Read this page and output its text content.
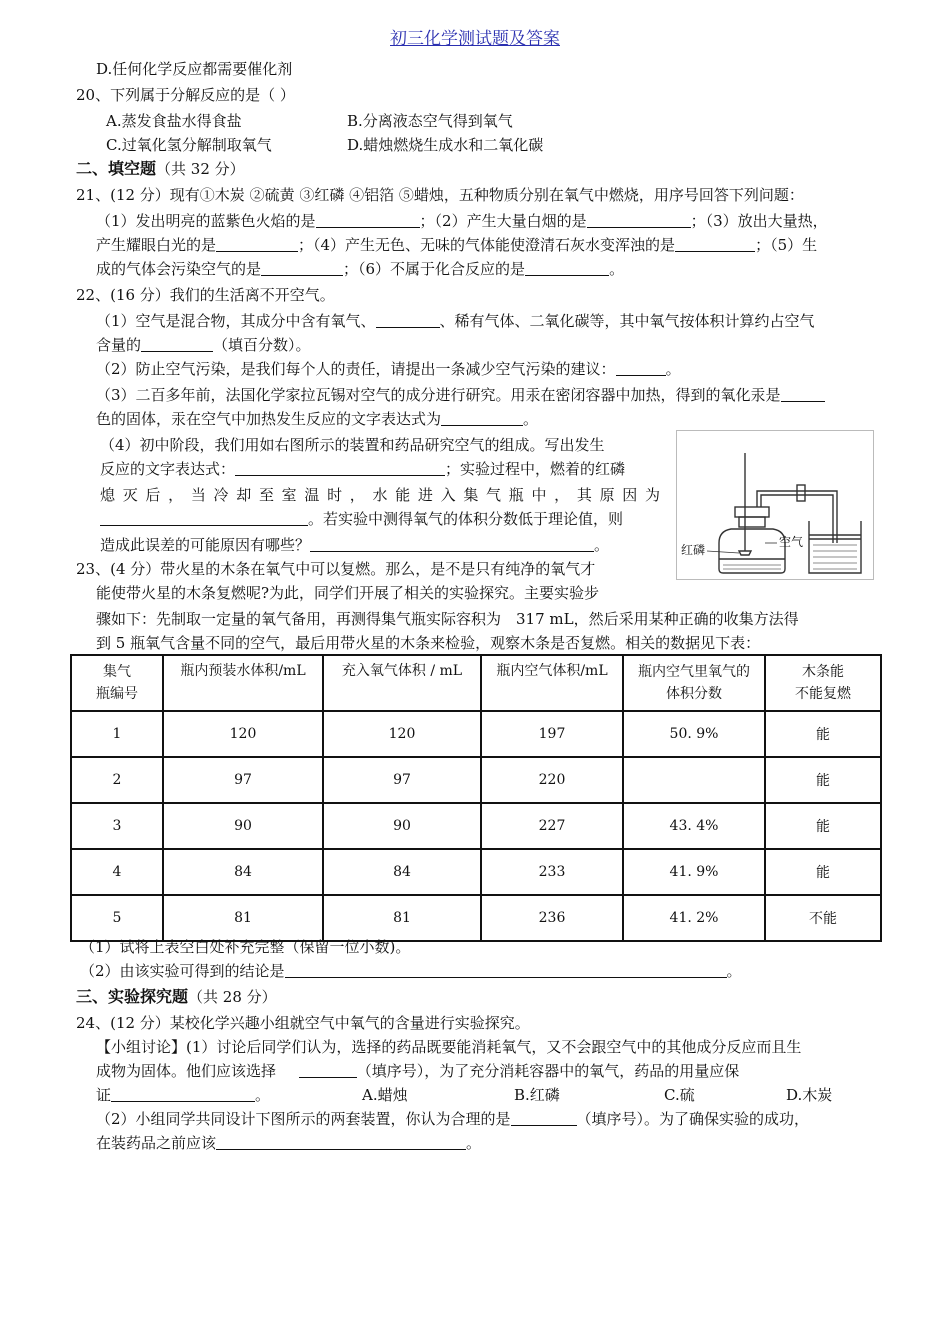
初三化学测试题及答案
D.任何化学反应都需要催化剂
20、下列属于分解反应的是（ ）
A.蒸发食盐水得食盐	B.分离液态空气得到氧气
C.过氧化氢分解制取氧气	D.蜡烛燃烧生成水和二氧化碳
二、填空题（共 32 分）
21、(12 分）现有①木炭 ②硫黄 ③红磷 ④铝箔 ⑤蜡烛，五种物质分别在氧气中燃烧，用序号回答下列问题：
（1）发出明亮的蓝紫色火焰的是	；（2）产生大量白烟的是	；（3）放出大量热，
产生耀眼白光的是	；（4）产生无色、无味的气体能使澄清石灰水变浑浊的是	；（5）生
成的气体会污染空气的是	；（6）不属于化合反应的是	。
22、(16 分）我们的生活离不开空气。
（1）空气是混合物，其成分中含有氧气、	、稀有气体、二氧化碳等，其中氧气按体积计算约占空气
含量的	（填百分数）。
（2）防止空气污染，是我们每个人的责任，请提出一条减少空气污染的建议：	。
（3）二百多年前，法国化学家拉瓦锡对空气的成分进行研究。用汞在密闭容器中加热，得到的氧化汞是
色的固体，汞在空气中加热发生反应的文字表达式为	。
（4）初中阶段，我们用如右图所示的装置和药品研究空气的组成。写出发生
反应的文字表达式：	；实验过程中，燃着的红磷
熄灭后，当冷却至室温时，水能进入集气瓶中，其原因为
。若实验中测得氧气的体积分数低于理论值，则
造成此误差的可能原因有哪些？	。	红磷
空气
23、(4 分）带火星的木条在氧气中可以复燃。那么，是不是只有纯净的氧气才
能使带火星的木条复燃呢?为此，同学们开展了相关的实验探究。主要实验步
骤如下：先制取一定量的氧气备用，再测得集气瓶实际容积为　317 mL，然后采用某种正确的收集方法得
到 5 瓶氧气含量不同的空气，最后用带火星的木条来检验，观察木条是否复燃。相关的数据见下表：
集气
瓶编号	瓶内预装水体积/mL	充入氧气体积 / mL	瓶内空气体积/mL	瓶内空气里氧气的
体积分数	木条能
不能复燃
1	120	120	197	50. 9%	能
2	97	97	220		能
3	90	90	227	43. 4%	能
4	84	84	233	41. 9%	能
5	81	81	236	41. 2%	不能
（1）试将上表空白处补充完整（保留一位小数)。
（2）由该实验可得到的结论是	。
三、实验探究题（共 28 分）
24、(12 分）某校化学兴趣小组就空气中氧气的含量进行实验探究。
【小组讨论】(1）讨论后同学们认为，选择的药品既要能消耗氧气，又不会跟空气中的其他成分反应而且生
成物为固体。他们应该选择	（填序号），为了充分消耗容器中的氧气，药品的用量应保
证	。	A.蜡烛	B.红磷	C.硫	D.木炭
（2）小组同学共同设计下图所示的两套装置，你认为合理的是	（填序号）。为了确保实验的成功，
在装药品之前应该	。
